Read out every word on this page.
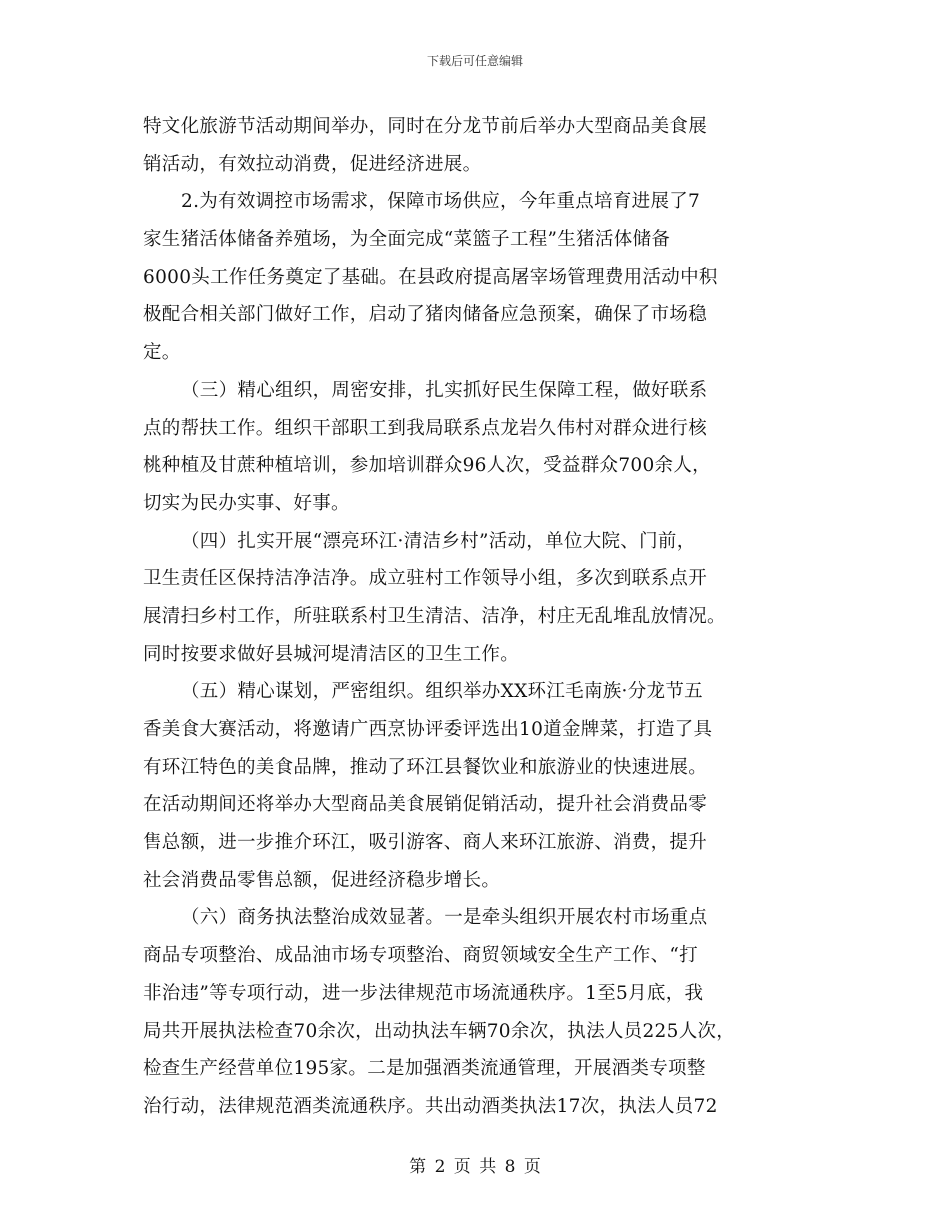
下载后可任意编辑
特文化旅游节活动期间举办，同时在分龙节前后举办大型商品美食展
销活动，有效拉动消费，促进经济进展。
2.为有效调控市场需求，保障市场供应，今年重点培育进展了7
家生猪活体储备养殖场，为全面完成“菜篮子工程”生猪活体储备
6000头工作任务奠定了基础。在县政府提高屠宰场管理费用活动中积
极配合相关部门做好工作，启动了猪肉储备应急预案，确保了市场稳
定。
（三）精心组织，周密安排，扎实抓好民生保障工程，做好联系
点的帮扶工作。组织干部职工到我局联系点龙岩久伟村对群众进行核
桃种植及甘蔗种植培训，参加培训群众96人次，受益群众700余人，
切实为民办实事、好事。
（四）扎实开展“漂亮环江·清洁乡村”活动，单位大院、门前，
卫生责任区保持洁净洁净。成立驻村工作领导小组，多次到联系点开
展清扫乡村工作，所驻联系村卫生清洁、洁净，村庄无乱堆乱放情况。
同时按要求做好县城河堤清洁区的卫生工作。
（五）精心谋划，严密组织。组织举办XX环江毛南族·分龙节五
香美食大赛活动，将邀请广西烹协评委评选出10道金牌菜，打造了具
有环江特色的美食品牌，推动了环江县餐饮业和旅游业的快速进展。
在活动期间还将举办大型商品美食展销促销活动，提升社会消费品零
售总额，进一步推介环江，吸引游客、商人来环江旅游、消费，提升
社会消费品零售总额，促进经济稳步增长。
（六）商务执法整治成效显著。一是牵头组织开展农村市场重点
商品专项整治、成品油市场专项整治、商贸领域安全生产工作、“打
非治违”等专项行动，进一步法律规范市场流通秩序。1至5月底，我
局共开展执法检查70余次，出动执法车辆70余次，执法人员225人次，
检查生产经营单位195家。二是加强酒类流通管理，开展酒类专项整
治行动，法律规范酒类流通秩序。共出动酒类执法17次，执法人员72
第 2 页 共 8 页
